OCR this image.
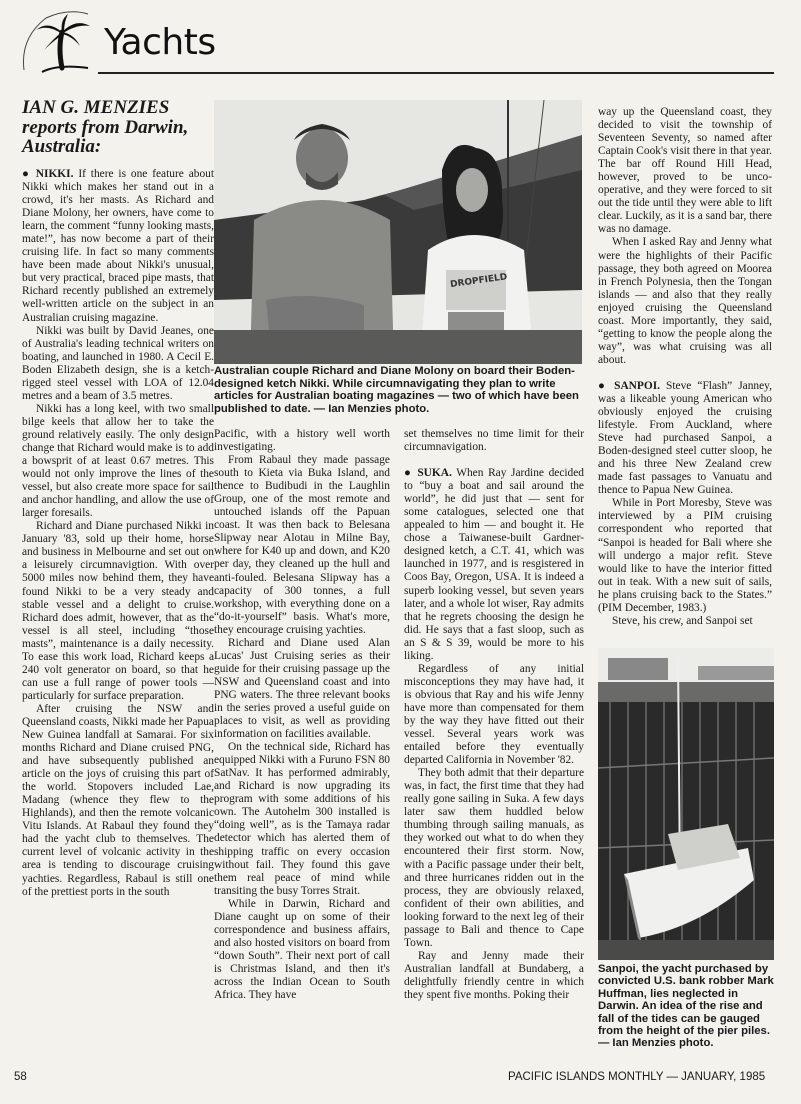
Yachts
IAN G. MENZIES reports from Darwin, Australia:

● NIKKI. If there is one feature about Nikki which makes her stand out in a crowd, it's her masts. As Richard and Diane Molony, her owners, have come to learn, the comment “funny looking masts, mate!”, has now become a part of their cruising life. In fact so many comments have been made about Nikki's unusual, but very practical, braced pipe masts, that Richard recently published an extremely well-written article on the subject in an Australian cruising magazine.

Nikki was built by David Jeanes, one of Australia's leading technical writers on boating, and launched in 1980. A Cecil E. Boden Elizabeth design, she is a ketch-rigged steel vessel with LOA of 12.04 metres and a beam of 3.5 metres.

Nikki has a long keel, with two small bilge keels that allow her to take the ground relatively easily. The only design change that Richard would make is to add a bowsprit of at least 0.67 metres. This would not only improve the lines of the vessel, but also create more space for sail and anchor handling, and allow the use of larger foresails.

Richard and Diane purchased Nikki in January '83, sold up their home, horse and business in Melbourne and set out on a leisurely circumnavigtion. With over 5000 miles now behind them, they have found Nikki to be a very steady and stable vessel and a delight to cruise. Richard does admit, however, that as the vessel is all steel, including “those masts”, maintenance is a daily necessity. To ease this work load, Richard keeps a 240 volt generator on board, so that he can use a full range of power tools — particularly for surface preparation.

After cruising the NSW and Queensland coasts, Nikki made her Papua New Guinea landfall at Samarai. For six months Richard and Diane cruised PNG, and have subsequently published an article on the joys of cruising this part of the world. Stopovers included Lae, Madang (whence they flew to the Highlands), and then the remote volcanic Vitu Islands. At Rabaul they found they had the yacht club to themselves. The current level of volcanic activity in the area is tending to discourage cruising yachties. Regardless, Rabaul is still one of the prettiest ports in the south

DROPFIELD
Australian couple Richard and Diane Molony on board their Boden-designed ketch Nikki. While circumnavigating they plan to write articles for Australian boating magazines — two of which have been published to date. — Ian Menzies photo.

Pacific, with a history well worth investigating.

From Rabaul they made passage south to Kieta via Buka Island, and thence to Budibudi in the Laughlin Group, one of the most remote and untouched islands off the Papuan coast. It was then back to Belesana Slipway near Alotau in Milne Bay, where for K40 up and down, and K20 per day, they cleaned up the hull and anti-fouled. Belesana Slipway has a capacity of 300 tonnes, a full workshop, with everything done on a “do-it-yourself” basis. What's more, they encourage cruising yachties.

Richard and Diane used Alan Lucas' Just Cruising series as their guide for their cruising passage up the NSW and Queensland coast and into PNG waters. The three relevant books in the series proved a useful guide on places to visit, as well as providing information on facilities available.

On the technical side, Richard has equipped Nikki with a Furuno FSN 80 SatNav. It has performed admirably, and Richard is now upgrading its program with some additions of his own. The Autohelm 300 installed is “doing well”, as is the Tamaya radar detector which has alerted them of shipping traffic on every occasion without fail. They found this gave them real peace of mind while transiting the busy Torres Strait.

While in Darwin, Richard and Diane caught up on some of their correspondence and business affairs, and also hosted visitors on board from “down South”. Their next port of call is Christmas Island, and then it's across the Indian Ocean to South Africa. They have

set themselves no time limit for their circumnavigation.

● SUKA. When Ray Jardine decided to “buy a boat and sail around the world”, he did just that — sent for some catalogues, selected one that appealed to him — and bought it. He chose a Taiwanese-built Gardner-designed ketch, a C.T. 41, which was launched in 1977, and is resgistered in Coos Bay, Oregon, USA. It is indeed a superb looking vessel, but seven years later, and a whole lot wiser, Ray admits that he regrets choosing the design he did. He says that a fast sloop, such as an S & S 39, would be more to his liking.

Regardless of any initial misconceptions they may have had, it is obvious that Ray and his wife Jenny have more than compensated for them by the way they have fitted out their vessel. Several years work was entailed before they eventually departed California in November '82.

They both admit that their departure was, in fact, the first time that they had really gone sailing in Suka. A few days later saw them huddled below thumbing through sailing manuals, as they worked out what to do when they encountered their first storm. Now, with a Pacific passage under their belt, and three hurricanes ridden out in the process, they are obviously relaxed, confident of their own abilities, and looking forward to the next leg of their passage to Bali and thence to Cape Town.

Ray and Jenny made their Australian landfall at Bundaberg, a delightfully friendly centre in which they spent five months. Poking their

way up the Queensland coast, they decided to visit the township of Seventeen Seventy, so named after Captain Cook's visit there in that year. The bar off Round Hill Head, however, proved to be unco-operative, and they were forced to sit out the tide until they were able to lift clear. Luckily, as it is a sand bar, there was no damage.

When I asked Ray and Jenny what were the highlights of their Pacific passage, they both agreed on Moorea in French Polynesia, then the Tongan islands — and also that they really enjoyed cruising the Queensland coast. More importantly, they said, “getting to know the people along the way”, was what cruising was all about.

● SANPOI. Steve “Flash” Janney, was a likeable young American who obviously enjoyed the cruising lifestyle. From Auckland, where Steve had purchased Sanpoi, a Boden-designed steel cutter sloop, he and his three New Zealand crew made fast passages to Vanuatu and thence to Papua New Guinea.

While in Port Moresby, Steve was interviewed by a PIM cruising correspondent who reported that “Sanpoi is headed for Bali where she will undergo a major refit. Steve would like to have the interior fitted out in teak. With a new suit of sails, he plans cruising back to the States.” (PIM December, 1983.)

Steve, his crew, and Sanpoi set

Sanpoi, the yacht purchased by convicted U.S. bank robber Mark Huffman, lies neglected in Darwin. An idea of the rise and fall of the tides can be gauged from the height of the pier piles. — Ian Menzies photo.
58	PACIFIC ISLANDS MONTHLY — JANUARY, 1985
